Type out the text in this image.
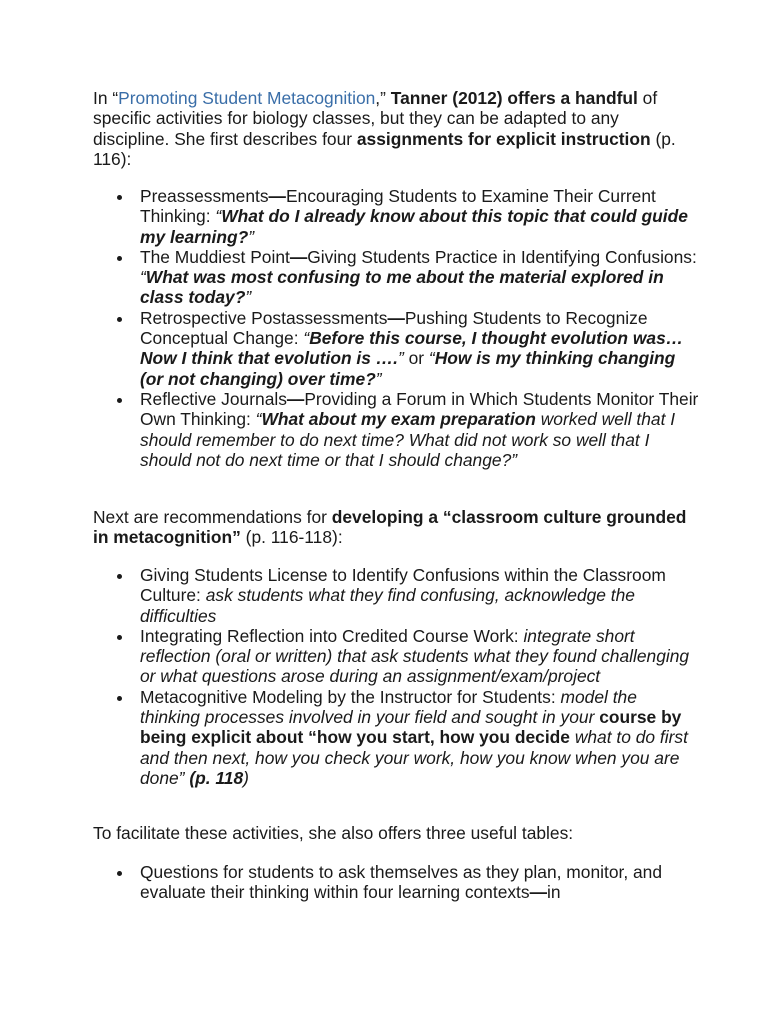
In “Promoting Student Metacognition,” Tanner (2012) offers a handful of specific activities for biology classes, but they can be adapted to any discipline. She first describes four assignments for explicit instruction (p. 116):

Preassessments—Encouraging Students to Examine Their Current Thinking: “What do I already know about this topic that could guide my learning?”
The Muddiest Point—Giving Students Practice in Identifying Confusions: “What was most confusing to me about the material explored in class today?”
Retrospective Postassessments—Pushing Students to Recognize Conceptual Change: “Before this course, I thought evolution was… Now I think that evolution is ….” or “How is my thinking changing (or not changing) over time?”
Reflective Journals—Providing a Forum in Which Students Monitor Their Own Thinking: “What about my exam preparation worked well that I should remember to do next time? What did not work so well that I should not do next time or that I should change?”

Next are recommendations for developing a “classroom culture grounded in metacognition” (p. 116-118):

Giving Students License to Identify Confusions within the Classroom Culture: ask students what they find confusing, acknowledge the difficulties
Integrating Reflection into Credited Course Work: integrate short reflection (oral or written) that ask students what they found challenging or what questions arose during an assignment/exam/project
Metacognitive Modeling by the Instructor for Students: model the thinking processes involved in your field and sought in your course by being explicit about “how you start, how you decide what to do first and then next, how you check your work, how you know when you are done” (p. 118)

To facilitate these activities, she also offers three useful tables:

Questions for students to ask themselves as they plan, monitor, and evaluate their thinking within four learning contexts—in
